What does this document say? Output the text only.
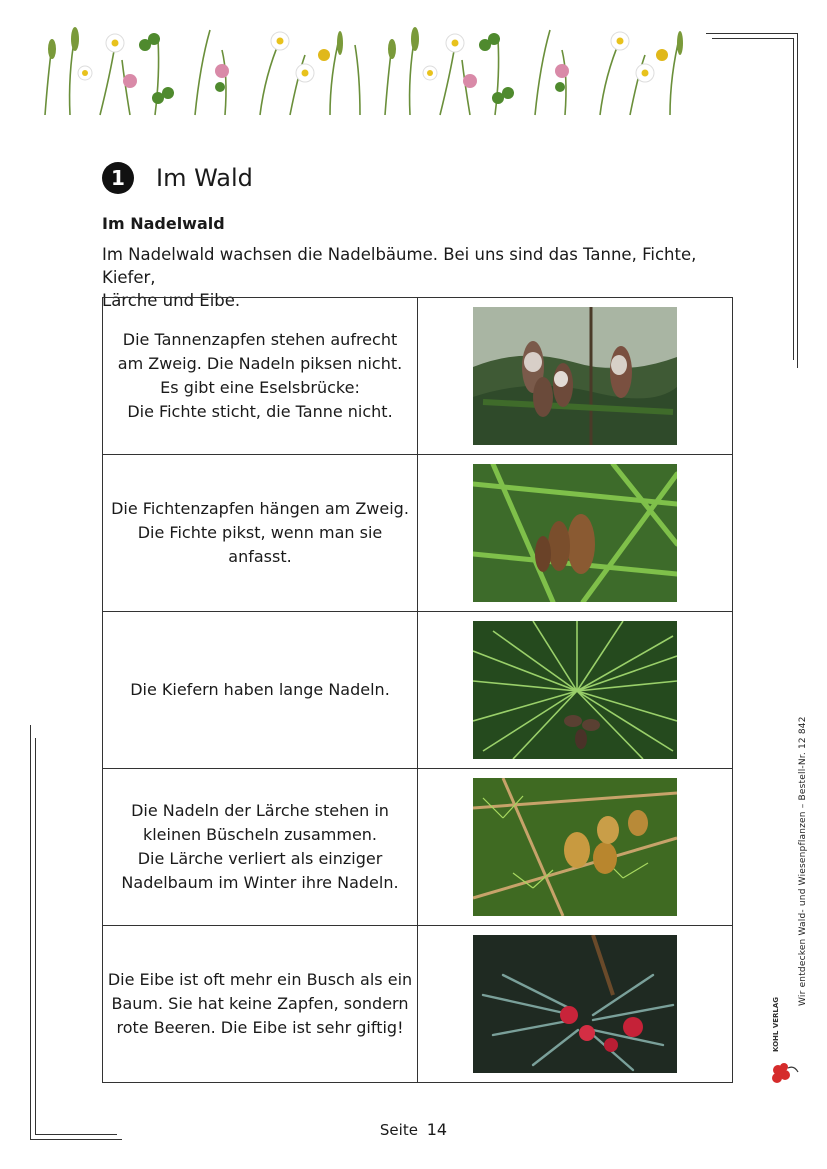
1	Im Wald
Im Nadelwald
Im Nadelwald wachsen die Nadelbäume. Bei uns sind das Tanne, Fichte, Kiefer,
Lärche und Eibe.
Die Tannenzapfen stehen aufrecht
am Zweig. Die Nadeln piksen nicht.
Es gibt eine Eselsbrücke:
Die Fichte sticht, die Tanne nicht.

Die Fichtenzapfen hängen am Zweig.
Die Fichte pikst, wenn man sie
anfasst.

Die Kiefern haben lange Nadeln.

Die Nadeln der Lärche stehen in
kleinen Büscheln zusammen.
Die Lärche verliert als einziger
Nadelbaum im Winter ihre Nadeln.

Die Eibe ist oft mehr ein Busch als ein
Baum. Sie hat keine Zapfen, sondern
rote Beeren. Die Eibe ist sehr giftig!

Wir entdecken Wald- und Wiesenpflanzen – Bestell-Nr. 12 842
KOHL VERLAG
Seite 14
